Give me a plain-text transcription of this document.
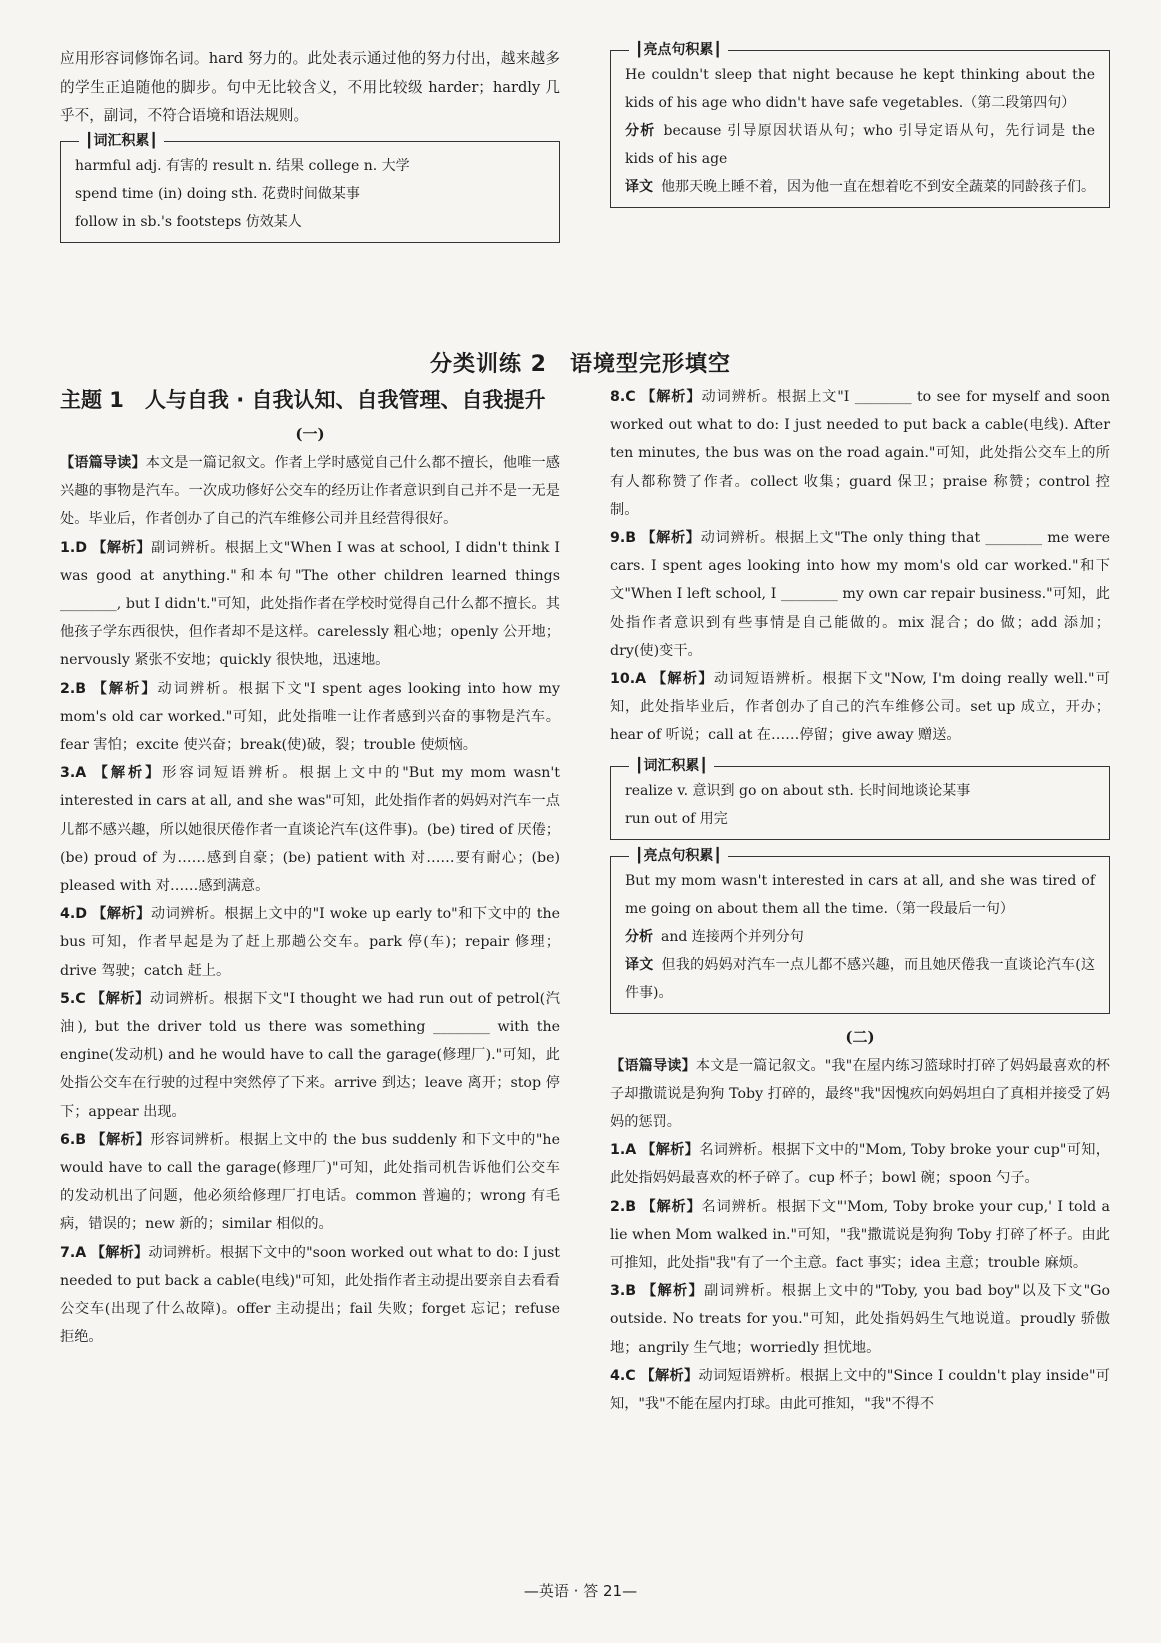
应用形容词修饰名词。hard 努力的。此处表示通过他的努力付出，越来越多的学生正追随他的脚步。句中无比较含义，不用比较级 harder；hardly 几乎不，副词，不符合语境和语法规则。

┃ 词汇积累 ┃
harmful adj. 有害的 result n. 结果 college n. 大学
spend time (in) doing sth. 花费时间做某事
follow in sb.'s footsteps 仿效某人
┃ 亮点句积累 ┃

He couldn't sleep that night because he kept thinking about the kids of his age who didn't have safe vegetables.（第二段第四句）

分析 because 引导原因状语从句；who 引导定语从句，先行词是 the kids of his age

译文 他那天晚上睡不着，因为他一直在想着吃不到安全蔬菜的同龄孩子们。

分类训练 2　语境型完形填空
主题 1　人与自我 · 自我认知、自我管理、自我提升
(一)

【语篇导读】本文是一篇记叙文。作者上学时感觉自己什么都不擅长，他唯一感兴趣的事物是汽车。一次成功修好公交车的经历让作者意识到自己并不是一无是处。毕业后，作者创办了自己的汽车维修公司并且经营得很好。

1.D 【解析】副词辨析。根据上文"When I was at school, I didn't think I was good at anything."和本句"The other children learned things ________, but I didn't."可知，此处指作者在学校时觉得自己什么都不擅长。其他孩子学东西很快，但作者却不是这样。carelessly 粗心地；openly 公开地；nervously 紧张不安地；quickly 很快地，迅速地。

2.B 【解析】动词辨析。根据下文"I spent ages looking into how my mom's old car worked."可知，此处指唯一让作者感到兴奋的事物是汽车。fear 害怕；excite 使兴奋；break(使)破，裂；trouble 使烦恼。

3.A 【解析】形容词短语辨析。根据上文中的"But my mom wasn't interested in cars at all, and she was"可知，此处指作者的妈妈对汽车一点儿都不感兴趣，所以她很厌倦作者一直谈论汽车(这件事)。(be) tired of 厌倦；(be) proud of 为……感到自豪；(be) patient with 对……要有耐心；(be) pleased with 对……感到满意。

4.D 【解析】动词辨析。根据上文中的"I woke up early to"和下文中的 the bus 可知，作者早起是为了赶上那趟公交车。park 停(车)；repair 修理；drive 驾驶；catch 赶上。

5.C 【解析】动词辨析。根据下文"I thought we had run out of petrol(汽油), but the driver told us there was something ________ with the engine(发动机) and he would have to call the garage(修理厂)."可知，此处指公交车在行驶的过程中突然停了下来。arrive 到达；leave 离开；stop 停下；appear 出现。

6.B 【解析】形容词辨析。根据上文中的 the bus suddenly 和下文中的"he would have to call the garage(修理厂)"可知，此处指司机告诉他们公交车的发动机出了问题，他必须给修理厂打电话。common 普遍的；wrong 有毛病，错误的；new 新的；similar 相似的。

7.A 【解析】动词辨析。根据下文中的"soon worked out what to do: I just needed to put back a cable(电线)"可知，此处指作者主动提出要亲自去看看公交车(出现了什么故障)。offer 主动提出；fail 失败；forget 忘记；refuse 拒绝。

8.C 【解析】动词辨析。根据上文"I ________ to see for myself and soon worked out what to do: I just needed to put back a cable(电线). After ten minutes, the bus was on the road again."可知，此处指公交车上的所有人都称赞了作者。collect 收集；guard 保卫；praise 称赞；control 控制。

9.B 【解析】动词辨析。根据上文"The only thing that ________ me were cars. I spent ages looking into how my mom's old car worked."和下文"When I left school, I ________ my own car repair business."可知，此处指作者意识到有些事情是自己能做的。mix 混合；do 做；add 添加；dry(使)变干。

10.A 【解析】动词短语辨析。根据下文"Now, I'm doing really well."可知，此处指毕业后，作者创办了自己的汽车维修公司。set up 成立，开办；hear of 听说；call at 在……停留；give away 赠送。

┃ 词汇积累 ┃
realize v. 意识到 go on about sth. 长时间地谈论某事
run out of 用完
┃ 亮点句积累 ┃

But my mom wasn't interested in cars at all, and she was tired of me going on about them all the time.（第一段最后一句）

分析 and 连接两个并列分句

译文 但我的妈妈对汽车一点儿都不感兴趣，而且她厌倦我一直谈论汽车(这件事)。

(二)

【语篇导读】本文是一篇记叙文。"我"在屋内练习篮球时打碎了妈妈最喜欢的杯子却撒谎说是狗狗 Toby 打碎的，最终"我"因愧疚向妈妈坦白了真相并接受了妈妈的惩罚。

1.A 【解析】名词辨析。根据下文中的"Mom, Toby broke your cup"可知，此处指妈妈最喜欢的杯子碎了。cup 杯子；bowl 碗；spoon 勺子。

2.B 【解析】名词辨析。根据下文"'Mom, Toby broke your cup,' I told a lie when Mom walked in."可知，"我"撒谎说是狗狗 Toby 打碎了杯子。由此可推知，此处指"我"有了一个主意。fact 事实；idea 主意；trouble 麻烦。

3.B 【解析】副词辨析。根据上文中的"Toby, you bad boy"以及下文"Go outside. No treats for you."可知，此处指妈妈生气地说道。proudly 骄傲地；angrily 生气地；worriedly 担忧地。

4.C 【解析】动词短语辨析。根据上文中的"Since I couldn't play inside"可知，"我"不能在屋内打球。由此可推知，"我"不得不

—英语 · 答 21—
